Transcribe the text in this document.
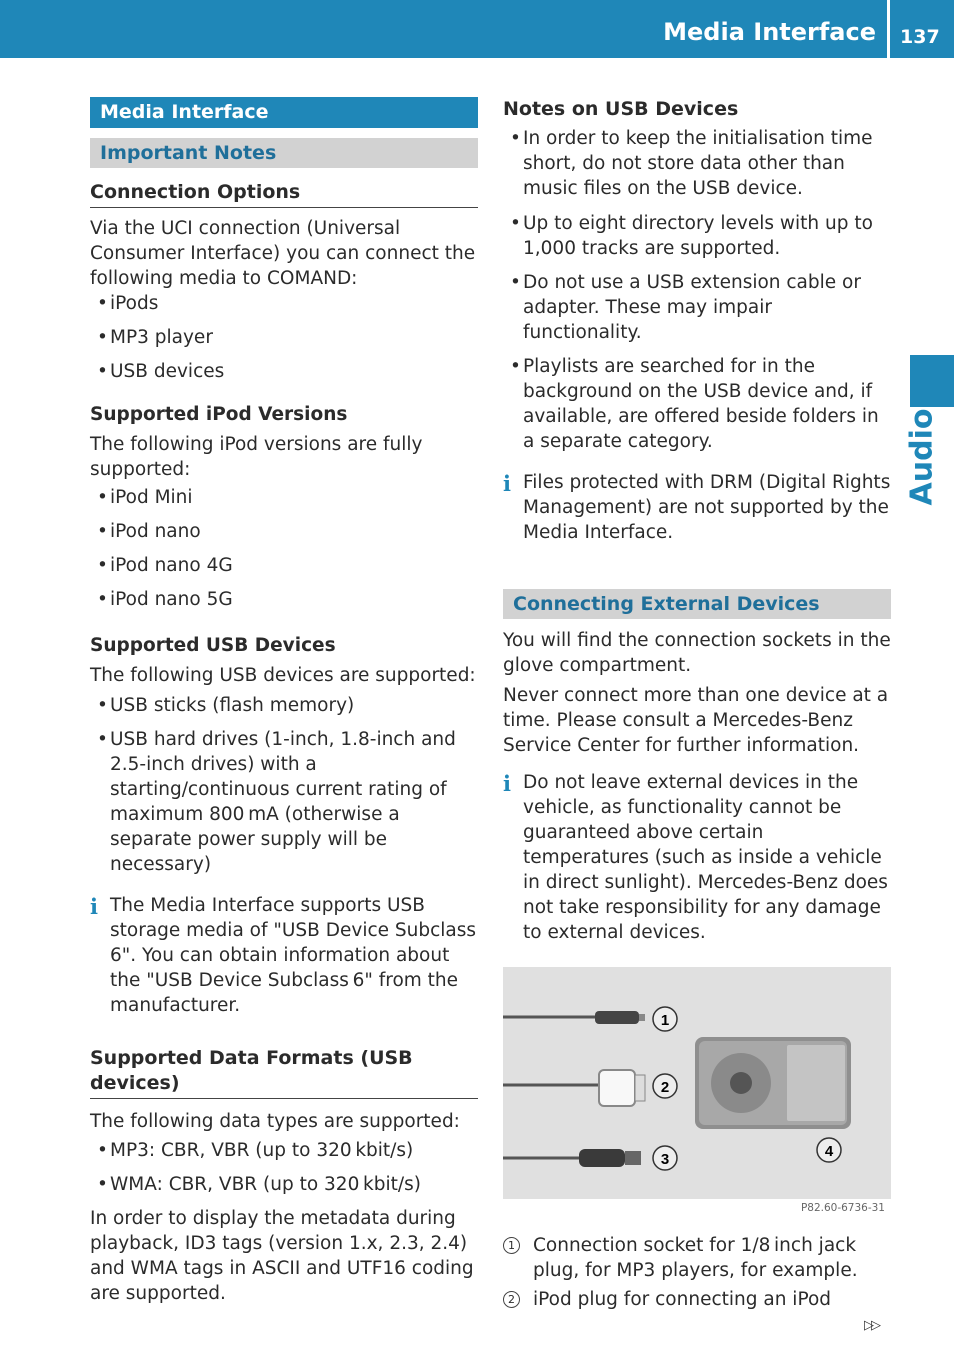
Media Interface 137
Audio
Media Interface
Important Notes
Connection Options

Via the UCI connection (Universal Consumer Interface) you can connect the following media to COMAND:

• iPods
• MP3 player
• USB devices
Supported iPod Versions

The following iPod versions are fully supported:

• iPod Mini
• iPod nano
• iPod nano 4G
• iPod nano 5G
Supported USB Devices

The following USB devices are supported:

• USB sticks (flash memory)
• USB hard drives (1-inch, 1.8-inch and 2.5-inch drives) with a starting/continuous current rating of maximum 800 mA (otherwise a separate power supply will be necessary)
i The Media Interface supports USB storage media of "USB Device Subclass 6". You can obtain information about the "USB Device Subclass 6" from the manufacturer.

Supported Data Formats (USB devices)

The following data types are supported:

• MP3: CBR, VBR (up to 320 kbit/s)
• WMA: CBR, VBR (up to 320 kbit/s)

In order to display the metadata during playback, ID3 tags (version 1.x, 2.3, 2.4) and WMA tags in ASCII and UTF16 coding are supported.

Notes on USB Devices
• In order to keep the initialisation time short, do not store data other than music files on the USB device.
• Up to eight directory levels with up to 1,000 tracks are supported.
• Do not use a USB extension cable or adapter. These may impair functionality.
• Playlists are searched for in the background on the USB device and, if available, are offered beside folders in a separate category.
i Files protected with DRM (Digital Rights Management) are not supported by the Media Interface.

Connecting External Devices

You will find the connection sockets in the glove compartment.

Never connect more than one device at a time. Please consult a Mercedes-Benz Service Center for further information.

i Do not leave external devices in the vehicle, as functionality cannot be guaranteed above certain temperatures (such as inside a vehicle in direct sunlight). Mercedes-Benz does not take responsibility for any damage to external devices.

1
2
3	4
P82.60-6736-31
1 Connection socket for 1/8 inch jack plug, for MP3 players, for example.

2 iPod plug for connecting an iPod

▷▷
